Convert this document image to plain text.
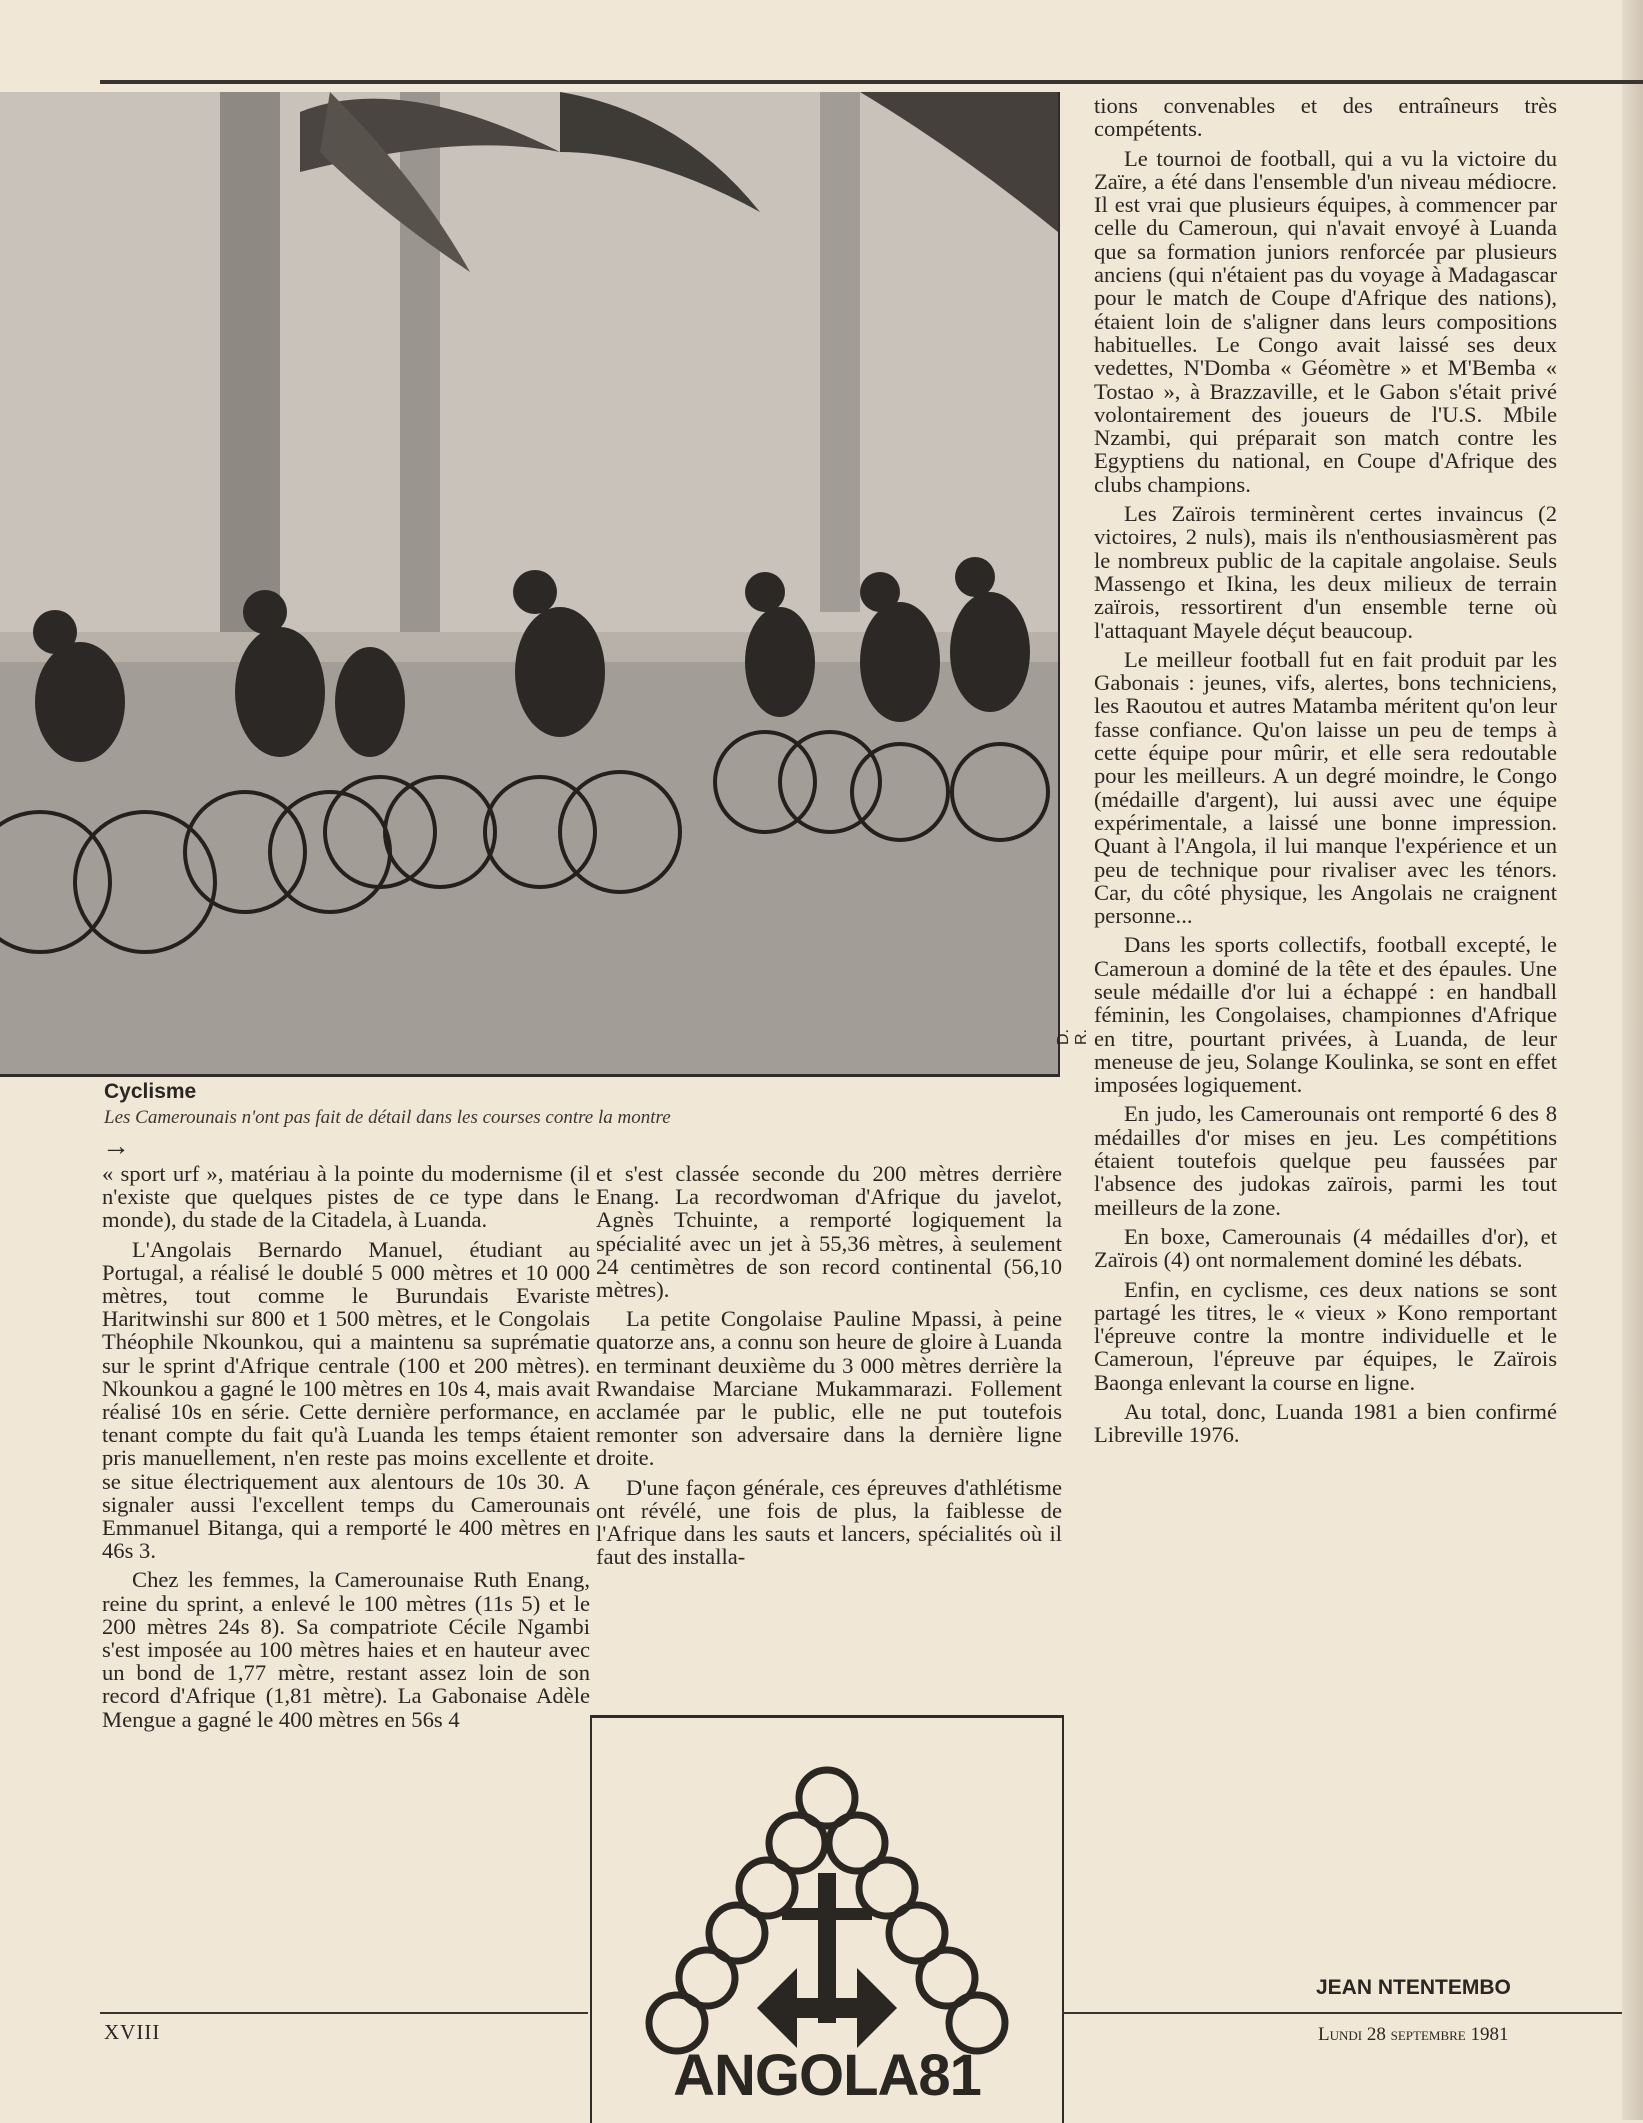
D. R.
Cyclisme
Les Camerounais n'ont pas fait de détail dans les courses contre la montre
→

« sport urf », matériau à la pointe du modernisme (il n'existe que quelques pistes de ce type dans le monde), du stade de la Citadela, à Luanda.

L'Angolais Bernardo Manuel, étudiant au Portugal, a réalisé le doublé 5 000 mètres et 10 000 mètres, tout comme le Burundais Evariste Haritwinshi sur 800 et 1 500 mètres, et le Congolais Théophile Nkounkou, qui a maintenu sa suprématie sur le sprint d'Afrique centrale (100 et 200 mètres). Nkounkou a gagné le 100 mètres en 10s 4, mais avait réalisé 10s en série. Cette dernière performance, en tenant compte du fait qu'à Luanda les temps étaient pris manuellement, n'en reste pas moins excellente et se situe électriquement aux alentours de 10s 30. A signaler aussi l'excellent temps du Camerounais Emmanuel Bitanga, qui a remporté le 400 mètres en 46s 3.

Chez les femmes, la Camerounaise Ruth Enang, reine du sprint, a enlevé le 100 mètres (11s 5) et le 200 mètres 24s 8). Sa compatriote Cécile Ngambi s'est imposée au 100 mètres haies et en hauteur avec un bond de 1,77 mètre, restant assez loin de son record d'Afrique (1,81 mètre). La Gabonaise Adèle Mengue a gagné le 400 mètres en 56s 4

et s'est classée seconde du 200 mètres derrière Enang. La recordwoman d'Afrique du javelot, Agnès Tchuinte, a remporté logiquement la spécialité avec un jet à 55,36 mètres, à seulement 24 centimètres de son record continental (56,10 mètres).

La petite Congolaise Pauline Mpassi, à peine quatorze ans, a connu son heure de gloire à Luanda en terminant deuxième du 3 000 mètres derrière la Rwandaise Marciane Mukammarazi. Follement acclamée par le public, elle ne put toutefois remonter son adversaire dans la dernière ligne droite.

D'une façon générale, ces épreuves d'athlétisme ont révélé, une fois de plus, la faiblesse de l'Afrique dans les sauts et lancers, spécialités où il faut des installa-

tions convenables et des entraîneurs très compétents.

Le tournoi de football, qui a vu la victoire du Zaïre, a été dans l'ensemble d'un niveau médiocre. Il est vrai que plusieurs équipes, à commencer par celle du Cameroun, qui n'avait envoyé à Luanda que sa formation juniors renforcée par plusieurs anciens (qui n'étaient pas du voyage à Madagascar pour le match de Coupe d'Afrique des nations), étaient loin de s'aligner dans leurs compositions habituelles. Le Congo avait laissé ses deux vedettes, N'Domba « Géomètre » et M'Bemba « Tostao », à Brazzaville, et le Gabon s'était privé volontairement des joueurs de l'U.S. Mbile Nzambi, qui préparait son match contre les Egyptiens du national, en Coupe d'Afrique des clubs champions.

Les Zaïrois terminèrent certes invaincus (2 victoires, 2 nuls), mais ils n'enthousiasmèrent pas le nombreux public de la capitale angolaise. Seuls Massengo et Ikina, les deux milieux de terrain zaïrois, ressortirent d'un ensemble terne où l'attaquant Mayele déçut beaucoup.

Le meilleur football fut en fait produit par les Gabonais : jeunes, vifs, alertes, bons techniciens, les Raoutou et autres Matamba méritent qu'on leur fasse confiance. Qu'on laisse un peu de temps à cette équipe pour mûrir, et elle sera redoutable pour les meilleurs. A un degré moindre, le Congo (médaille d'argent), lui aussi avec une équipe expérimentale, a laissé une bonne impression. Quant à l'Angola, il lui manque l'expérience et un peu de technique pour rivaliser avec les ténors. Car, du côté physique, les Angolais ne craignent personne...

Dans les sports collectifs, football excepté, le Cameroun a dominé de la tête et des épaules. Une seule médaille d'or lui a échappé : en handball féminin, les Congolaises, championnes d'Afrique en titre, pourtant privées, à Luanda, de leur meneuse de jeu, Solange Koulinka, se sont en effet imposées logiquement.

En judo, les Camerounais ont remporté 6 des 8 médailles d'or mises en jeu. Les compétitions étaient toutefois quelque peu faussées par l'absence des judokas zaïrois, parmi les tout meilleurs de la zone.

En boxe, Camerounais (4 médailles d'or), et Zaïrois (4) ont normalement dominé les débats.

Enfin, en cyclisme, ces deux nations se sont partagé les titres, le « vieux » Kono remportant l'épreuve contre la montre individuelle et le Cameroun, l'épreuve par équipes, le Zaïrois Baonga enlevant la course en ligne.

Au total, donc, Luanda 1981 a bien confirmé Libreville 1976.

JEAN NTENTEMBO
ANGOLA81
XVIII	Lundi 28 septembre 1981
